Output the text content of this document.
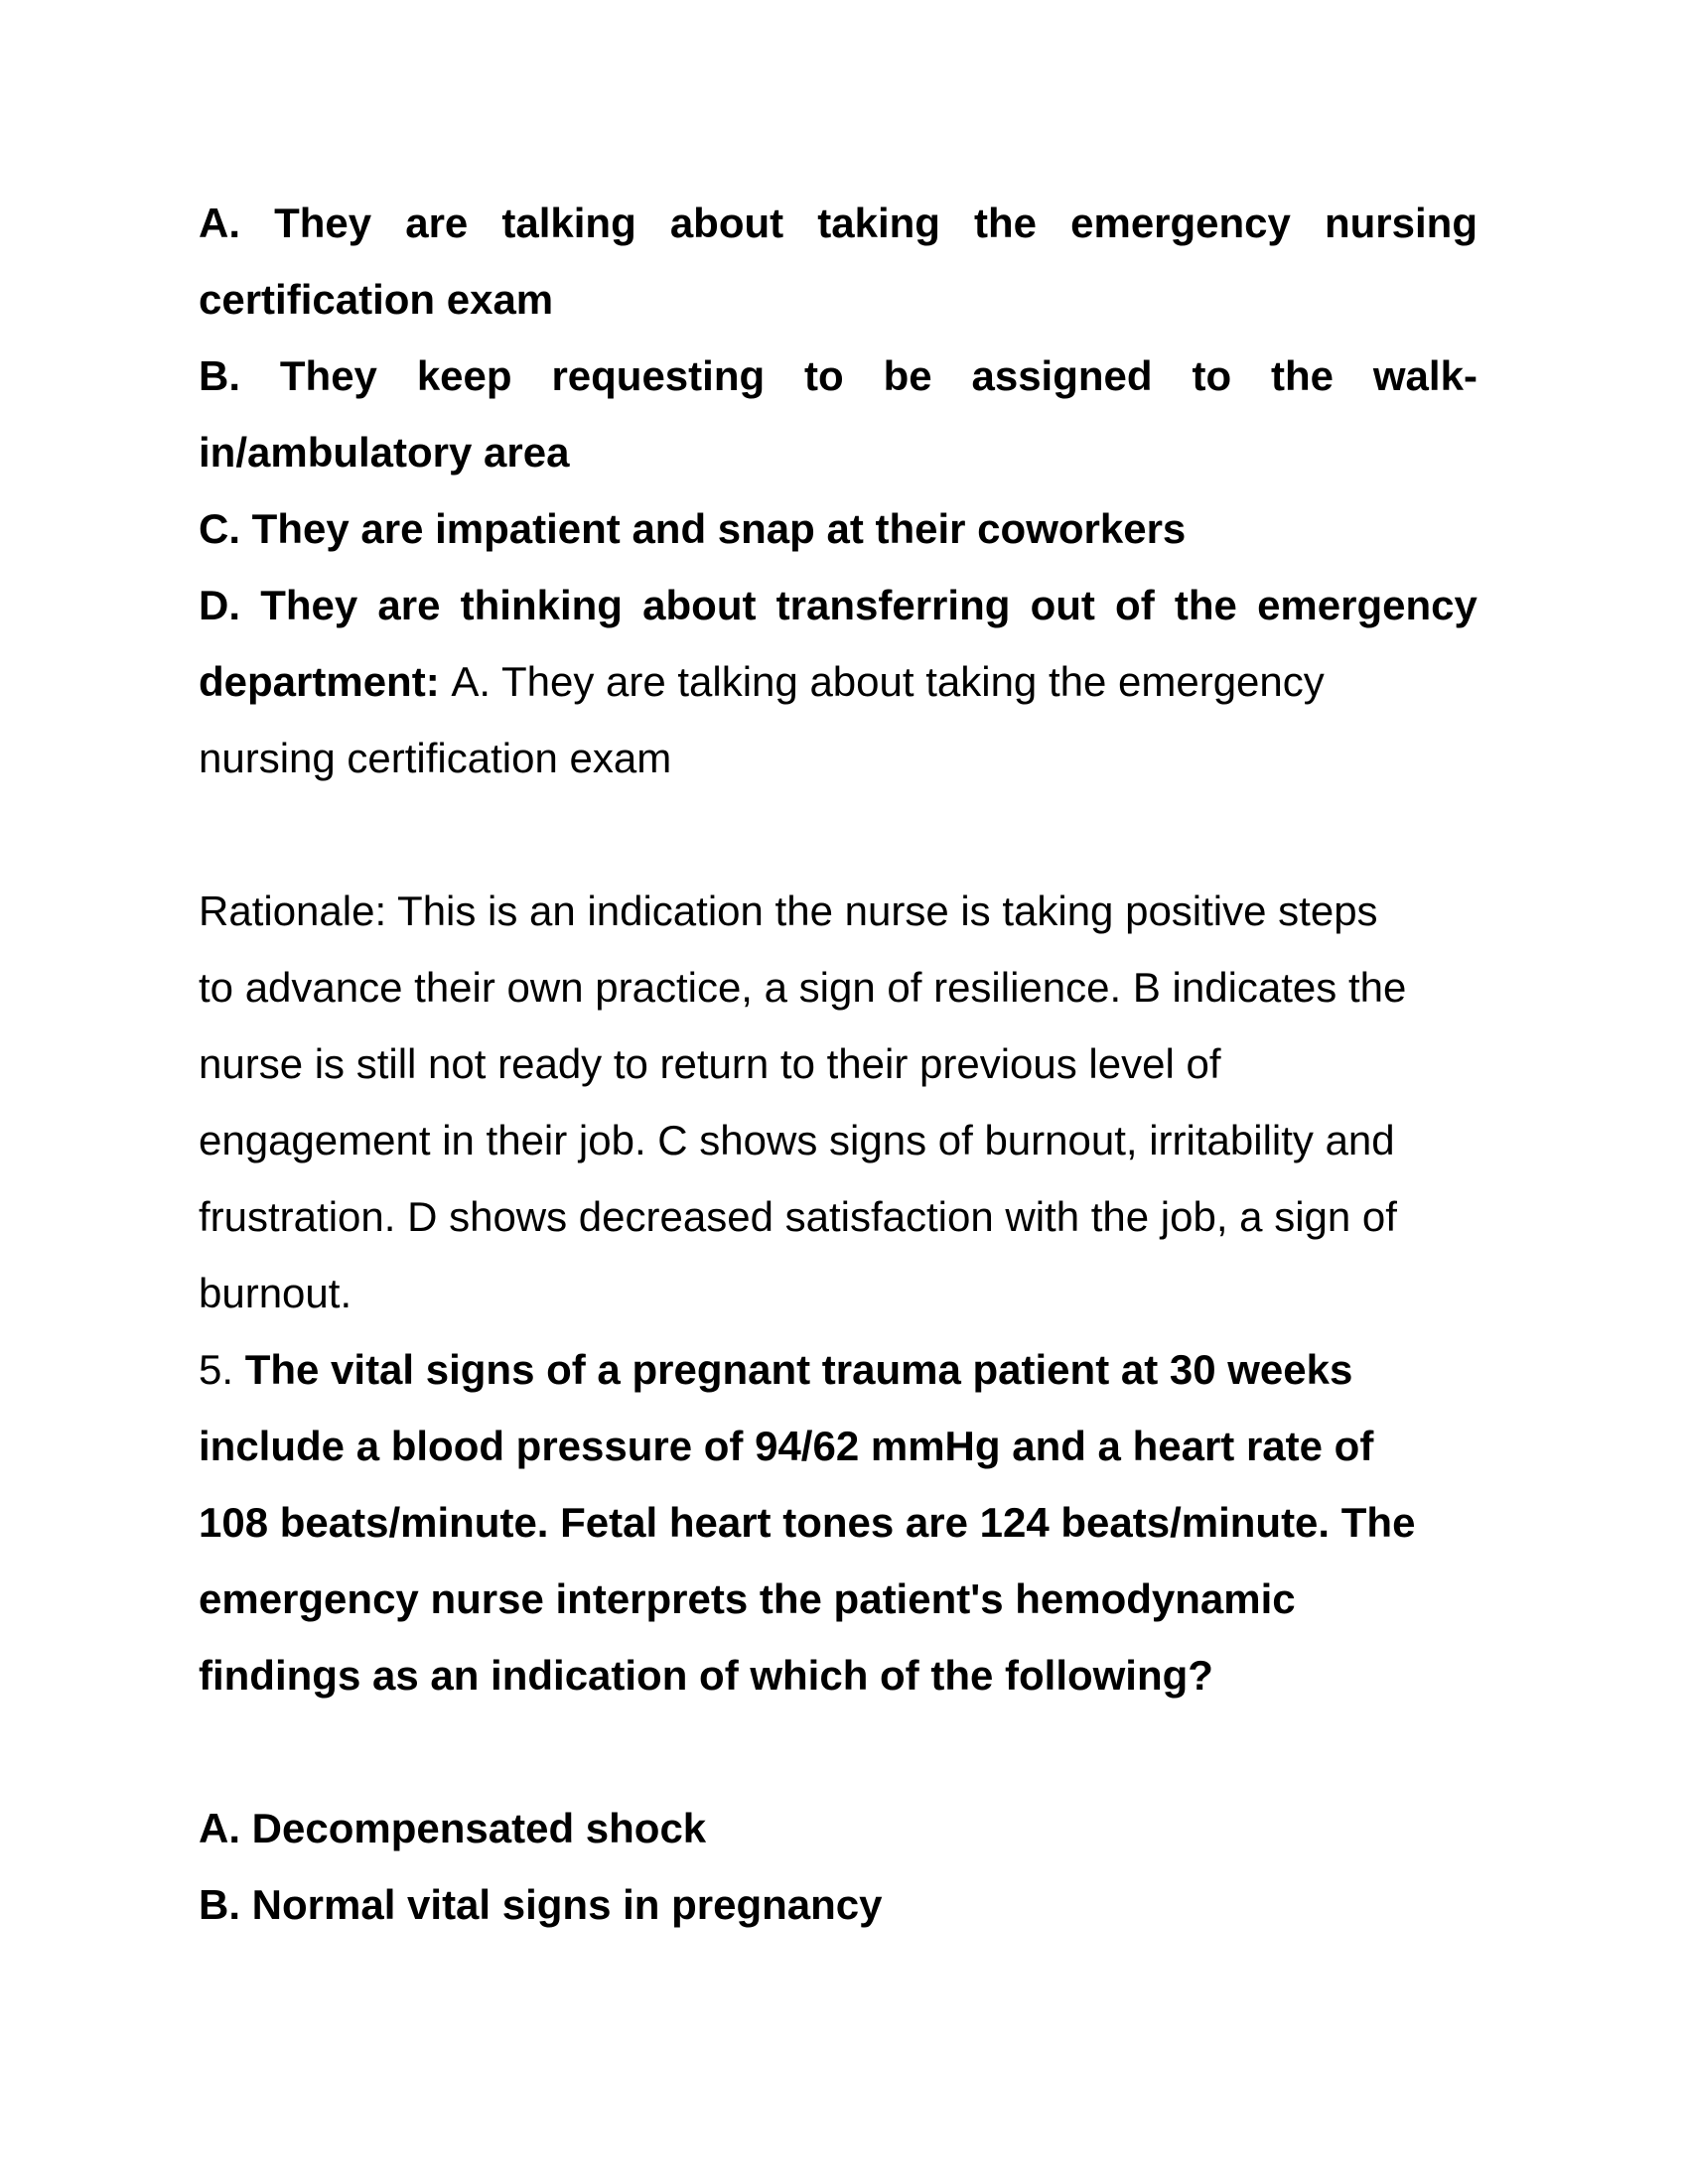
A. They are talking about taking the emergency nursing
certification exam
B. They keep requesting to be assigned to the walk-
in/ambulatory area
C. They are impatient and snap at their coworkers
D. They are thinking about transferring out of the emergency
department: A. They are talking about taking the emergency
nursing certification exam

Rationale: This is an indication the nurse is taking positive steps
to advance their own practice, a sign of resilience. B indicates the
nurse is still not ready to return to their previous level of
engagement in their job. C shows signs of burnout, irritability and
frustration. D shows decreased satisfaction with the job, a sign of
burnout.
5. The vital signs of a pregnant trauma patient at 30 weeks
include a blood pressure of 94/62 mmHg and a heart rate of
108 beats/minute. Fetal heart tones are 124 beats/minute. The
emergency nurse interprets the patient's hemodynamic
findings as an indication of which of the following?

A. Decompensated shock
B. Normal vital signs in pregnancy
